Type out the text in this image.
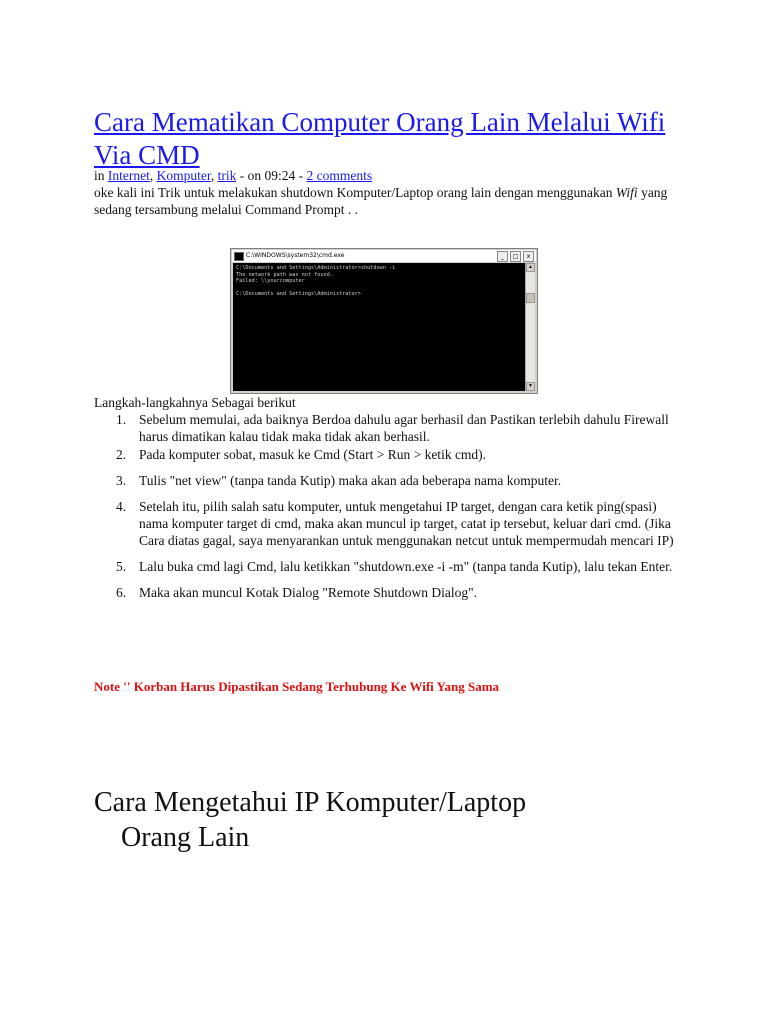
Cara Mematikan Computer Orang Lain Melalui Wifi Via CMD
in Internet, Komputer, trik - on 09:24 - 2 comments
oke kali ini Trik untuk melakukan shutdown Komputer/Laptop orang lain dengan menggunakan Wifi yang sedang tersambung melalui Command Prompt . .
C:\WINDOWS\system32\cmd.exe	_	□	x
C:\Documents and Settings\Administrator>shutdown -i
The network path was not found.
Failed: \\yourcomputer

C:\Documents and Settings\Administrator>
▲
▼
Langkah-langkahnya Sebagai berikut
1. Sebelum memulai, ada baiknya Berdoa dahulu agar berhasil dan Pastikan terlebih dahulu Firewall harus dimatikan kalau tidak maka tidak akan berhasil.
2. Pada komputer sobat, masuk ke Cmd (Start > Run > ketik cmd).
3. Tulis "net view" (tanpa tanda Kutip) maka akan ada beberapa nama komputer.
4. Setelah itu, pilih salah satu komputer, untuk mengetahui IP target, dengan cara ketik ping(spasi) nama komputer target di cmd, maka akan muncul ip target, catat ip tersebut, keluar dari cmd. (Jika Cara diatas gagal, saya menyarankan untuk menggunakan netcut untuk mempermudah mencari IP)
5. Lalu buka cmd lagi Cmd, lalu ketikkan "shutdown.exe -i -m" (tanpa tanda Kutip), lalu tekan Enter.
6. Maka akan muncul Kotak Dialog "Remote Shutdown Dialog".
Note '' Korban Harus Dipastikan Sedang Terhubung Ke Wifi Yang Sama
Cara Mengetahui IP Komputer/Laptop
Orang Lain
